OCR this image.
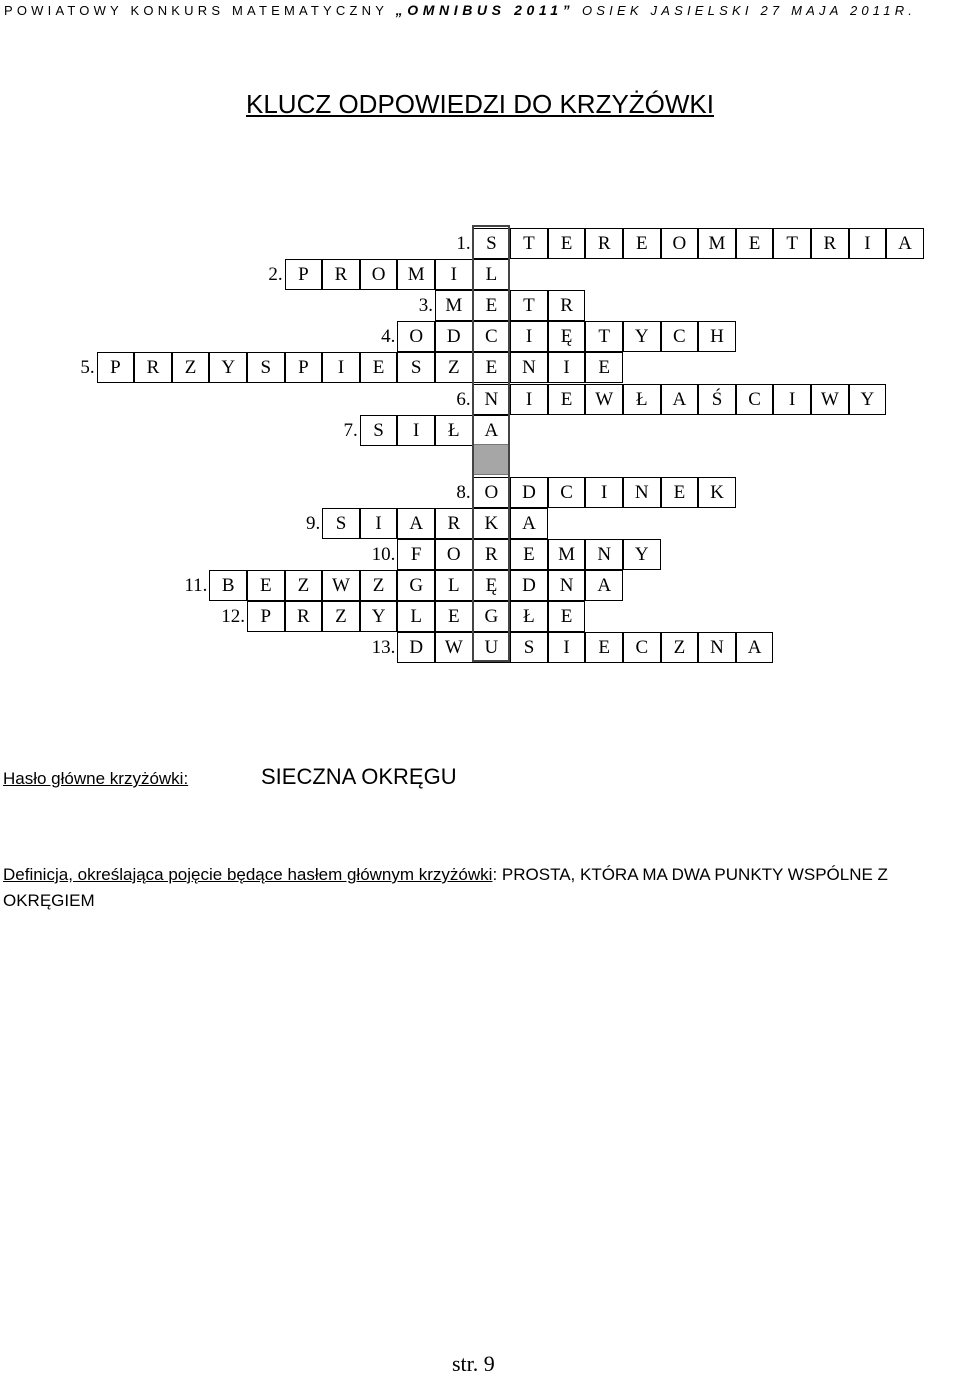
POWIATOWY KONKURS MATEMATYCZNY „OMNIBUS 2011” OSIEK JASIELSKI 27 MAJA 2011R.
KLUCZ ODPOWIEDZI DO KRZYŻÓWKI
1. S	T	E	R	E	O	M	E	T	R	I	A
2. P	R	O	M	I	L
3. M	E	T	R
4. O	D	C	I	Ę	T	Y	C	H
5. P	R	Z	Y	S	P	I	E	S	Z	E	N	I	E
6. N	I	E	W	Ł	A	Ś	C	I	W	Y
7. S	I	Ł	A
8. O	D	C	I	N	E	K
9. S	I	A	R	K	A
10. F	O	R	E	M	N	Y
11. B	E	Z	W	Z	G	L	Ę	D	N	A
12. P	R	Z	Y	L	E	G	Ł	E
13. D	W	U	S	I	E	C	Z	N	A
Hasło główne krzyżówki:	SIECZNA OKRĘGU
Definicja, określająca pojęcie będące hasłem głównym krzyżówki: PROSTA, KTÓRA MA DWA PUNKTY WSPÓLNE Z OKRĘGIEM
str. 9
